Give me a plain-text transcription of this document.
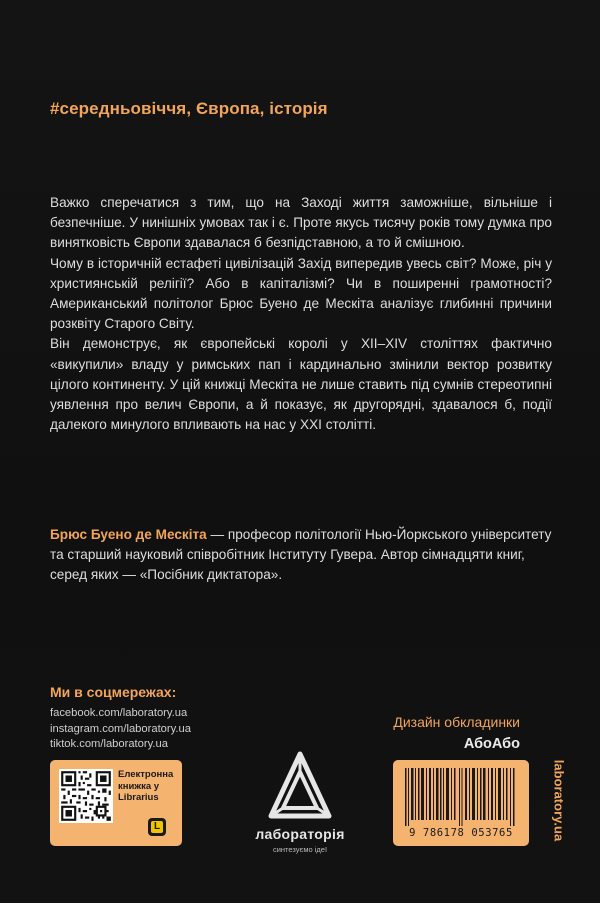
#середньовіччя, Європа, історія

Важко сперечатися з тим, що на Заході життя заможніше, вільніше і безпечніше. У нинішніх умовах так і є. Проте якусь тисячу років тому думка про винятковість Європи здавалася б безпідставною, а то й смішною.

Чому в історичній естафеті цивілізацій Захід випередив увесь світ? Може, річ у християнській релігії? Або в капіталізмі? Чи в поширенні грамотності? Американський політолог Брюс Буено де Мескіта аналізує глибинні причини розквіту Старого Світу.

Він демонструє, як європейські королі у XII–XIV століттях фактично «викупили» владу у римських пап і кардинально змінили вектор розвитку цілого континенту. У цій книжці Мескіта не лише ставить під сумнів стереотипні уявлення про велич Європи, а й показує, як другорядні, здавалося б, події далекого минулого впливають на нас у XXI столітті.

Брюс Буено де Мескіта — професор політології Нью-Йоркського університету та старший науковий співробітник Інституту Гувера. Автор сімнадцяти книг, серед яких — «Посібник диктатора».
Ми в соцмережах:
facebook.com/laboratory.ua
instagram.com/laboratory.ua
tiktok.com/laboratory.ua
Дизайн обкладинки
АбоАбо
Електронна книжка у Librarius
L	лабораторія
синтезуємо ідеї
9 786178 053765	laboratory.ua
